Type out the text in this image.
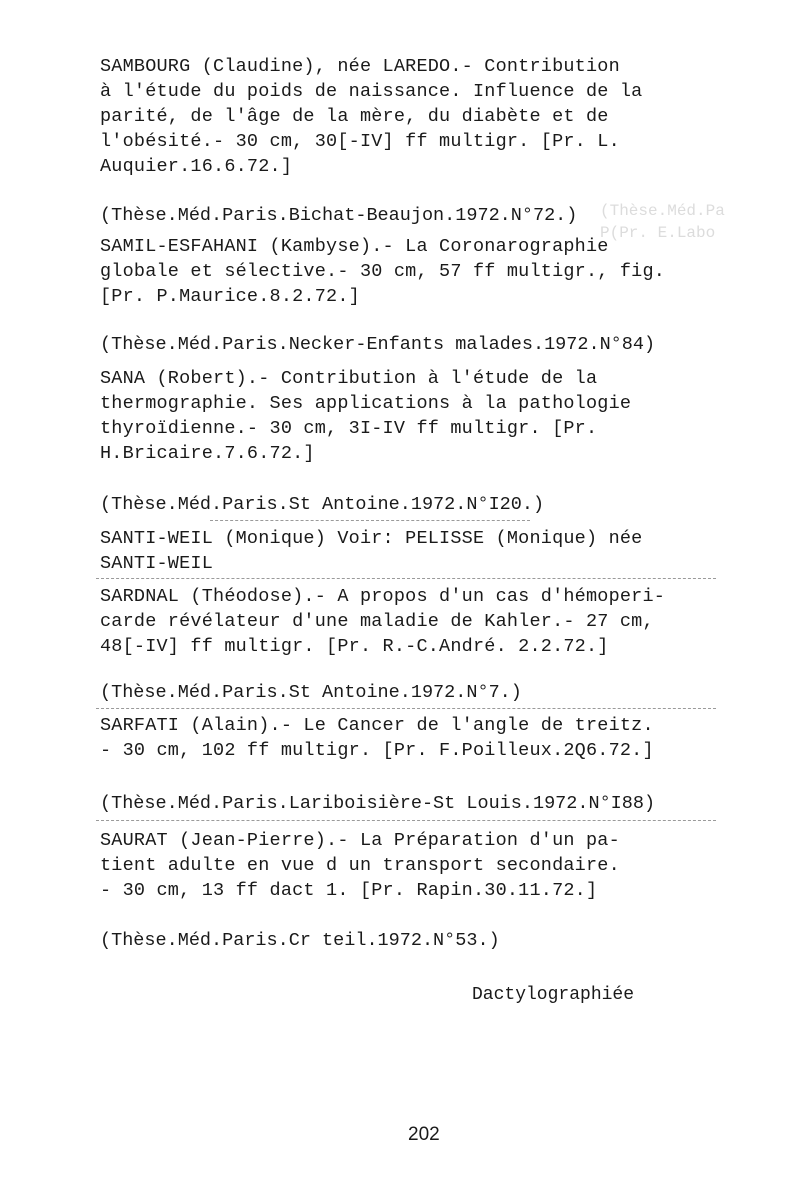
(Thèse.Méd.Pa
P(Pr. E.Labo
SAMBOURG (Claudine), née LAREDO.- Contribution
à l'étude du poids de naissance. Influence de la
parité, de l'âge de la mère, du diabète et de
l'obésité.- 30 cm, 30[-IV] ff multigr. [Pr. L.
Auquier.16.6.72.]
(Thèse.Méd.Paris.Bichat-Beaujon.1972.N°72.)
SAMIL-ESFAHANI (Kambyse).- La Coronarographie
globale et sélective.- 30 cm, 57 ff multigr., fig.
[Pr. P.Maurice.8.2.72.]
(Thèse.Méd.Paris.Necker-Enfants malades.1972.N°84)
SANA (Robert).- Contribution à l'étude de la
thermographie. Ses applications à la pathologie
thyroïdienne.- 30 cm, 3I-IV ff multigr. [Pr.
H.Bricaire.7.6.72.]
(Thèse.Méd.Paris.St Antoine.1972.N°I20.)
SANTI-WEIL (Monique) Voir: PELISSE (Monique) née
SANTI-WEIL
SARDNAL (Théodose).- A propos d'un cas d'hémoperi-
carde révélateur d'une maladie de Kahler.- 27 cm,
48[-IV] ff multigr. [Pr. R.-C.André. 2.2.72.]
(Thèse.Méd.Paris.St Antoine.1972.N°7.)
SARFATI (Alain).- Le Cancer de l'angle de treitz.
- 30 cm, 102 ff multigr. [Pr. F.Poilleux.2Q6.72.]
(Thèse.Méd.Paris.Lariboisière-St Louis.1972.N°I88)
SAURAT (Jean-Pierre).- La Préparation d'un pa-
tient adulte en vue d un transport secondaire.
- 30 cm, 13 ff dact 1. [Pr. Rapin.30.11.72.]
(Thèse.Méd.Paris.Cr teil.1972.N°53.)
Dactylographiée
202
